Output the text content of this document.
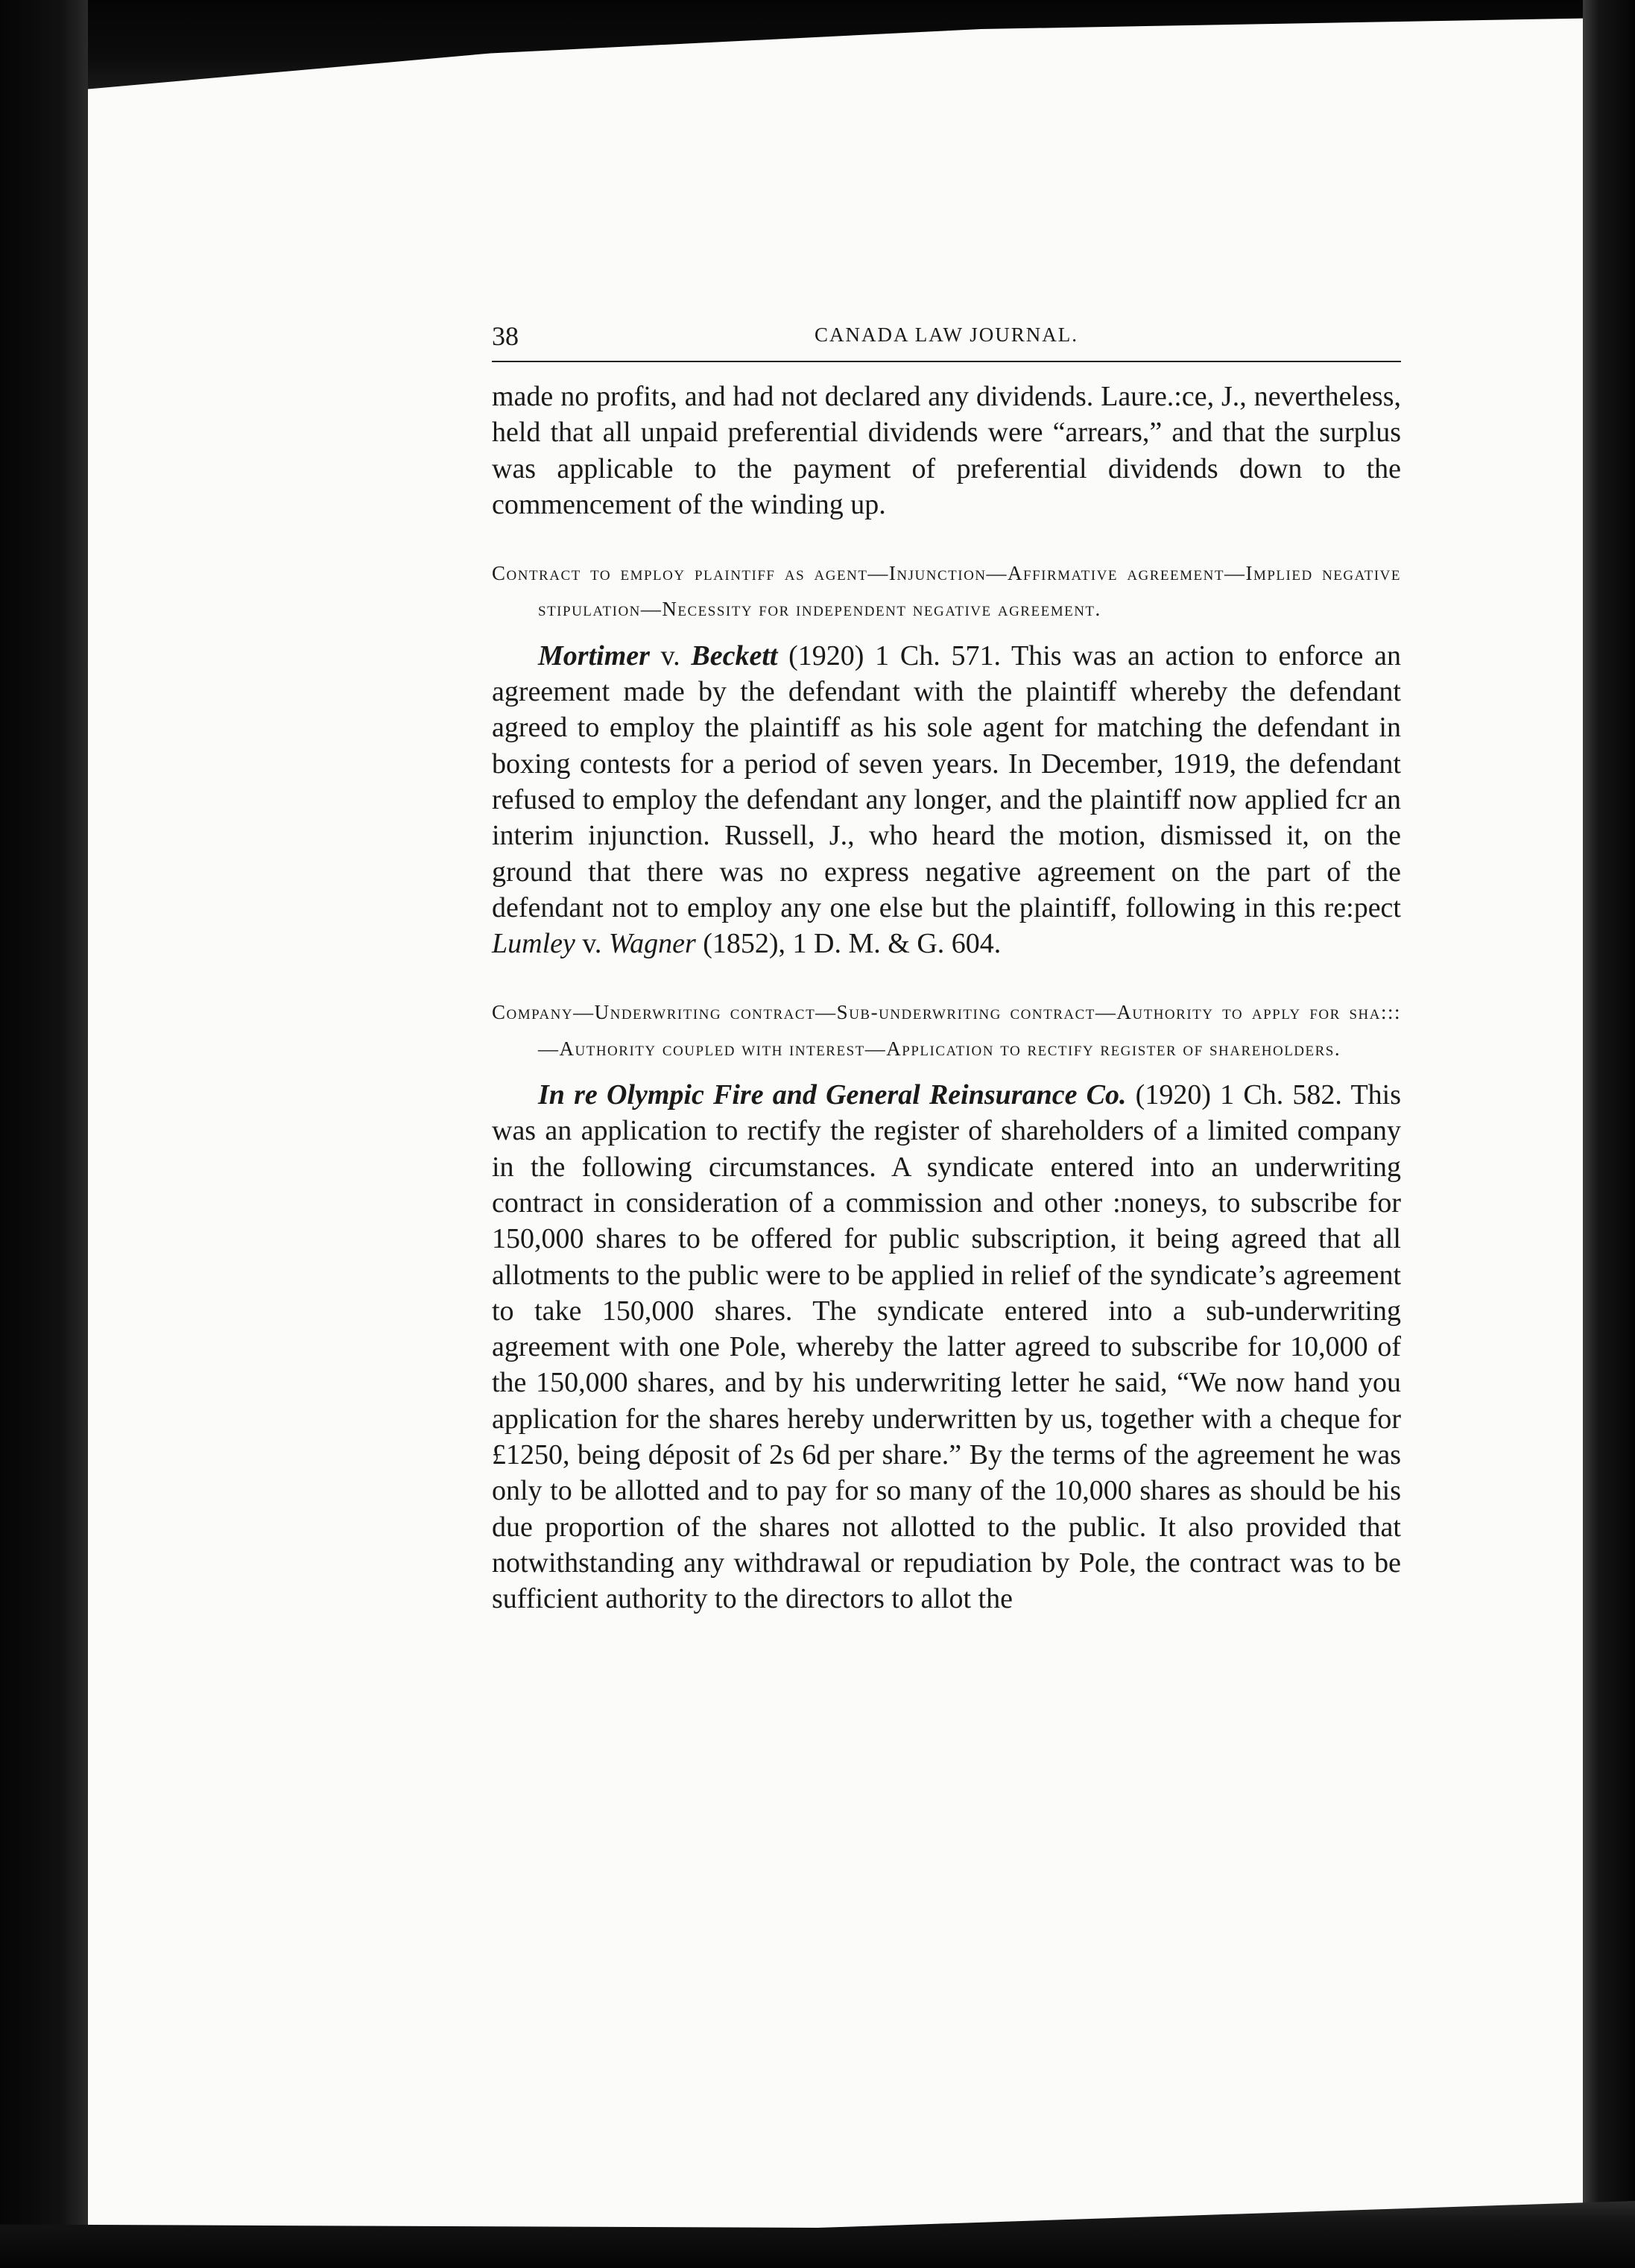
38	CANADA LAW JOURNAL.

made no profits, and had not declared any dividends. Laure.:ce, J., nevertheless, held that all unpaid preferential dividends were “arrears,” and that the surplus was applicable to the payment of preferential dividends down to the commencement of the winding up.

Contract to employ plaintiff as agent—Injunction—Affirmative agreement—Implied negative stipulation—Necessity for independent negative agreement.

Mortimer v. Beckett (1920) 1 Ch. 571. This was an action to enforce an agreement made by the defendant with the plaintiff whereby the defendant agreed to employ the plaintiff as his sole agent for matching the defendant in boxing contests for a period of seven years. In December, 1919, the defendant refused to employ the defendant any longer, and the plaintiff now applied fcr an interim injunction. Russell, J., who heard the motion, dismissed it, on the ground that there was no express negative agreement on the part of the defendant not to employ any one else but the plaintiff, following in this re:pect Lumley v. Wagner (1852), 1 D. M. & G. 604.

Company—Underwriting contract—Sub-underwriting contract—Authority to apply for sha:::—Authority coupled with interest—Application to rectify register of shareholders.

In re Olympic Fire and General Reinsurance Co. (1920) 1 Ch. 582. This was an application to rectify the register of shareholders of a limited company in the following circumstances. A syndicate entered into an underwriting contract in consideration of a commission and other :noneys, to subscribe for 150,000 shares to be offered for public subscription, it being agreed that all allotments to the public were to be applied in relief of the syndicate’s agreement to take 150,000 shares. The syndicate entered into a sub-underwriting agreement with one Pole, whereby the latter agreed to subscribe for 10,000 of the 150,000 shares, and by his underwriting letter he said, “We now hand you application for the shares hereby underwritten by us, together with a cheque for £1250, being déposit of 2s 6d per share.” By the terms of the agreement he was only to be allotted and to pay for so many of the 10,000 shares as should be his due proportion of the shares not allotted to the public. It also provided that notwithstanding any withdrawal or repudiation by Pole, the contract was to be sufficient authority to the directors to allot the
